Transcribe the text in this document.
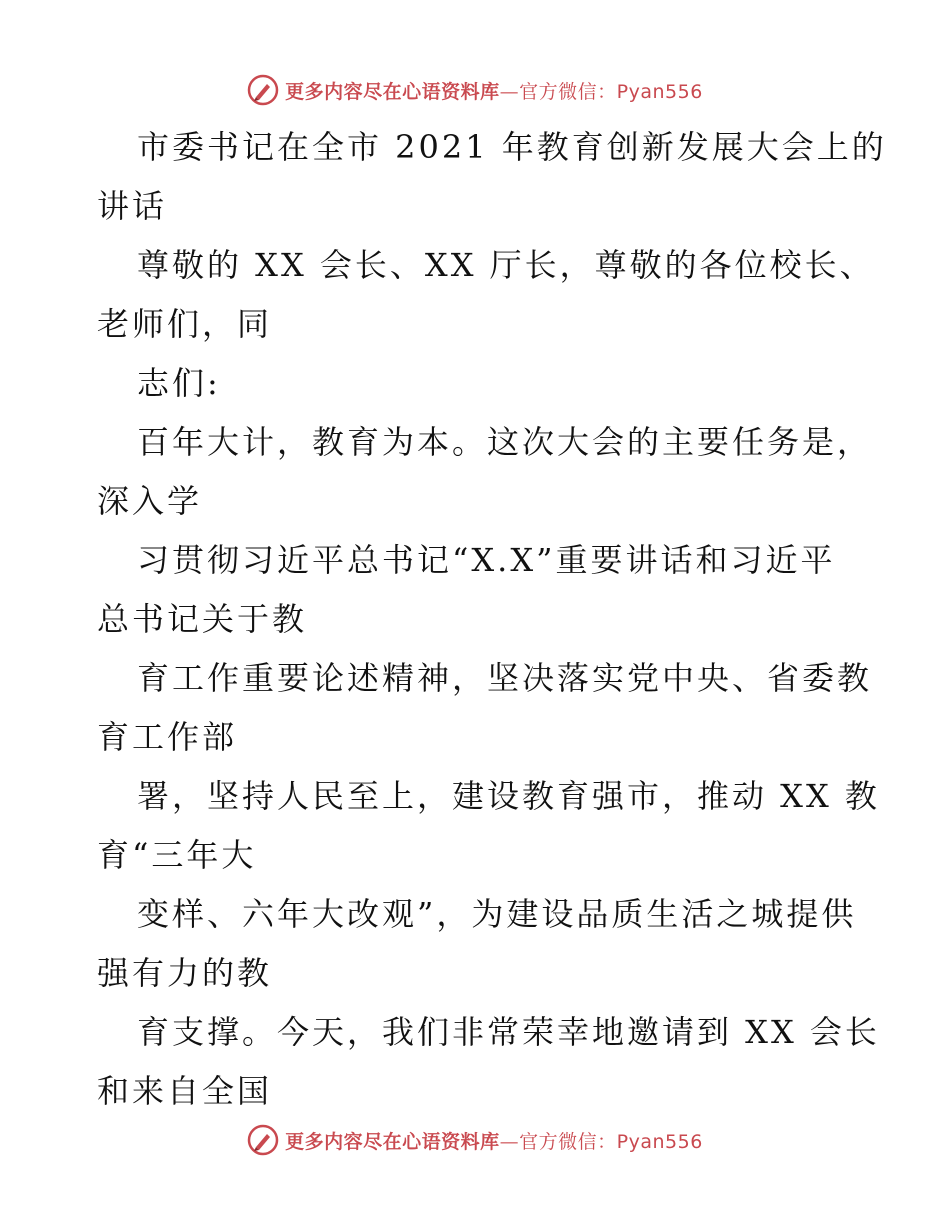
更多内容尽在心语资料库—官方微信：Pyan556
市委书记在全市 2021 年教育创新发展大会上的
讲话
尊敬的 XX 会长、XX 厅长，尊敬的各位校长、
老师们，同
志们:
百年大计，教育为本。这次大会的主要任务是，
深入学
习贯彻习近平总书记“X.X”重要讲话和习近平
总书记关于教
育工作重要论述精神，坚决落实党中央、省委教
育工作部
署，坚持人民至上，建设教育强市，推动 XX 教
育“三年大
变样、六年大改观”，为建设品质生活之城提供
强有力的教
育支撑。今天，我们非常荣幸地邀请到 XX 会长
和来自全国
更多内容尽在心语资料库—官方微信：Pyan556
